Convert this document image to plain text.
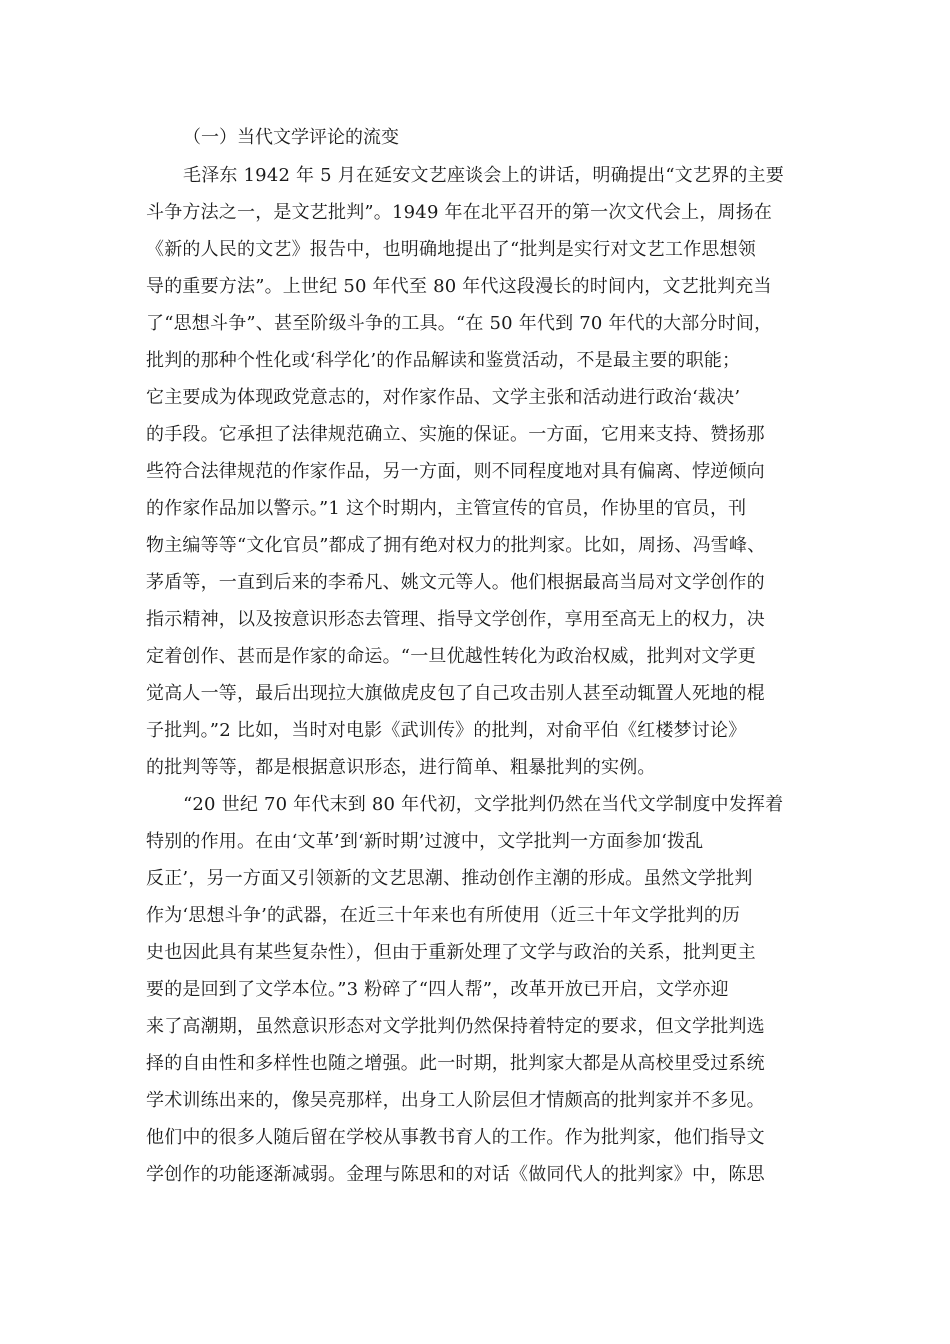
（一）当代文学评论的流变
毛泽东 1942 年 5 月在延安文艺座谈会上的讲话，明确提出“文艺界的主要
斗争方法之一，是文艺批判”。1949 年在北平召开的第一次文代会上，周扬在
《新的人民的文艺》报告中，也明确地提出了“批判是实行对文艺工作思想领
导的重要方法”。上世纪 50 年代至 80 年代这段漫长的时间内，文艺批判充当
了“思想斗争”、甚至阶级斗争的工具。“在 50 年代到 70 年代的大部分时间，
批判的那种个性化或‘科学化’的作品解读和鉴赏活动，不是最主要的职能；
它主要成为体现政党意志的，对作家作品、文学主张和活动进行政治‘裁决’
的手段。它承担了法律规范确立、实施的保证。一方面，它用来支持、赞扬那
些符合法律规范的作家作品，另一方面，则不同程度地对具有偏离、悖逆倾向
的作家作品加以警示。”1 这个时期内，主管宣传的官员，作协里的官员，刊
物主编等等“文化官员”都成了拥有绝对权力的批判家。比如，周扬、冯雪峰、
茅盾等，一直到后来的李希凡、姚文元等人。他们根据最高当局对文学创作的
指示精神，以及按意识形态去管理、指导文学创作，享用至高无上的权力，决
定着创作、甚而是作家的命运。“一旦优越性转化为政治权威，批判对文学更
觉高人一等，最后出现拉大旗做虎皮包了自己攻击别人甚至动辄置人死地的棍
子批判。”2 比如，当时对电影《武训传》的批判，对俞平伯《红楼梦讨论》
的批判等等，都是根据意识形态，进行简单、粗暴批判的实例。
“20 世纪 70 年代末到 80 年代初，文学批判仍然在当代文学制度中发挥着
特别的作用。在由‘文革’到‘新时期’过渡中，文学批判一方面参加‘拨乱
反正’，另一方面又引领新的文艺思潮、推动创作主潮的形成。虽然文学批判
作为‘思想斗争’的武器，在近三十年来也有所使用（近三十年文学批判的历
史也因此具有某些复杂性），但由于重新处理了文学与政治的关系，批判更主
要的是回到了文学本位。”3 粉碎了“四人帮”，改革开放已开启，文学亦迎
来了高潮期，虽然意识形态对文学批判仍然保持着特定的要求，但文学批判选
择的自由性和多样性也随之增强。此一时期，批判家大都是从高校里受过系统
学术训练出来的，像吴亮那样，出身工人阶层但才情颇高的批判家并不多见。
他们中的很多人随后留在学校从事教书育人的工作。作为批判家，他们指导文
学创作的功能逐渐减弱。金理与陈思和的对话《做同代人的批判家》中，陈思
